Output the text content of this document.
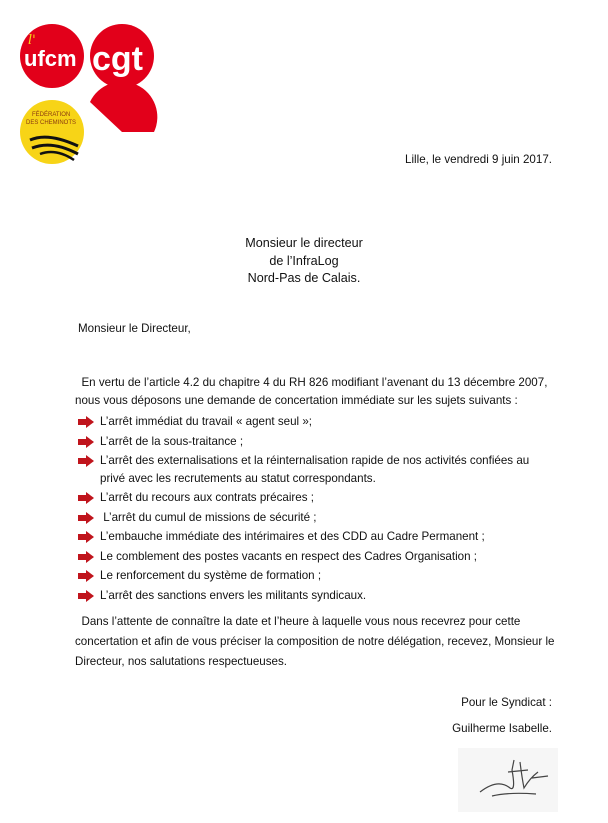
l'
ufcm cgt
FÉDÉRATION
DES CHEMINOTS
Lille, le vendredi 9 juin 2017.
Monsieur le directeur
de l’InfraLog
Nord-Pas de Calais.
Monsieur le Directeur,
En vertu de l’article 4.2 du chapitre 4 du RH 826 modifiant l’avenant du 13 décembre 2007, nous vous déposons une demande de concertation immédiate sur les sujets suivants :
L’arrêt immédiat du travail « agent seul »;
L’arrêt de la sous-traitance ;
L’arrêt des externalisations et la réinternalisation rapide de nos activités confiées au privé avec les recrutements au statut correspondants.
L’arrêt du recours aux contrats précaires ;
L’arrêt du cumul de missions de sécurité ;
L’embauche immédiate des intérimaires et des CDD au Cadre Permanent ;
Le comblement des postes vacants en respect des Cadres Organisation ;
Le renforcement du système de formation ;
L’arrêt des sanctions envers les militants syndicaux.
Dans l’attente de connaître la date et l’heure à laquelle vous nous recevrez pour cette concertation et afin de vous préciser la composition de notre délégation, recevez, Monsieur le Directeur, nos salutations respectueuses.
Pour le Syndicat :
Guilherme Isabelle.
